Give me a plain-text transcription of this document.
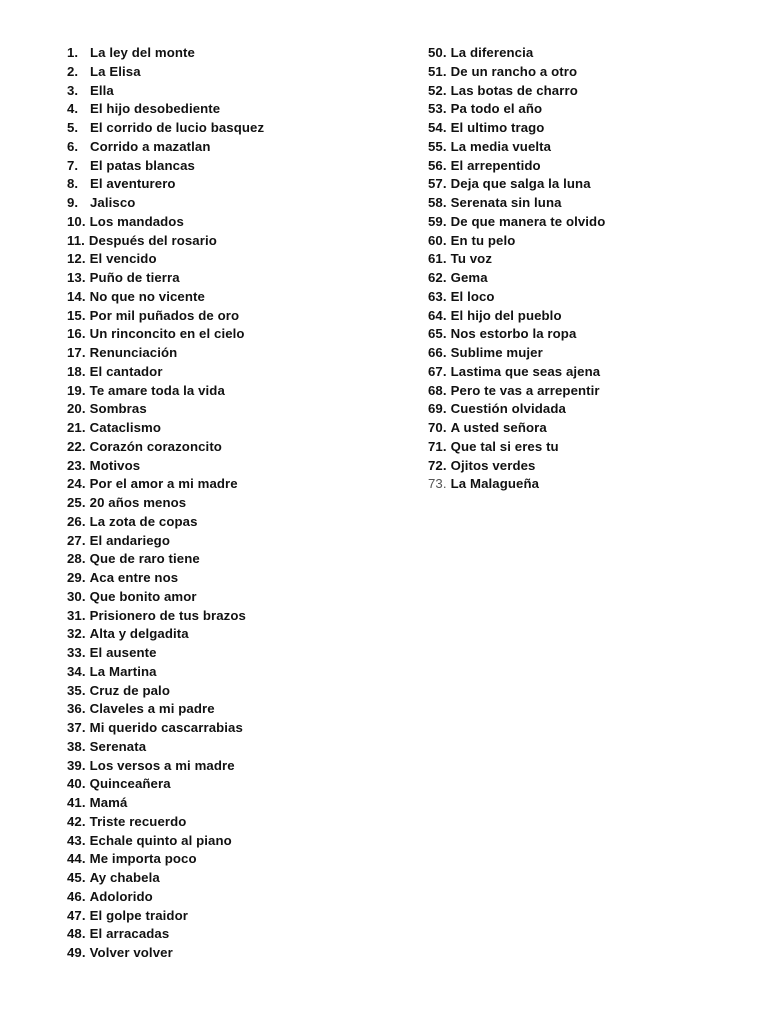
1. La ley del monte
2. La Elisa
3. Ella
4. El hijo desobediente
5. El corrido de lucio basquez
6. Corrido a mazatlan
7. El patas blancas
8. El aventurero
9. Jalisco
10. Los mandados
11. Después del rosario
12. El vencido
13. Puño de tierra
14. No que no vicente
15. Por mil puñados de oro
16. Un rinconcito en el cielo
17. Renunciación
18. El cantador
19. Te amare toda la vida
20. Sombras
21. Cataclismo
22. Corazón corazoncito
23. Motivos
24. Por el amor a mi madre
25. 20 años menos
26. La zota de copas
27. El andariego
28. Que de raro tiene
29. Aca entre nos
30. Que bonito amor
31. Prisionero de tus brazos
32. Alta y delgadita
33. El ausente
34. La Martina
35. Cruz de palo
36. Claveles a mi padre
37. Mi querido cascarrabias
38. Serenata
39. Los versos a mi madre
40. Quinceañera
41. Mamá
42. Triste recuerdo
43. Echale quinto al piano
44. Me importa poco
45. Ay chabela
46. Adolorido
47. El golpe traidor
48. El arracadas
49. Volver volver
50. La diferencia
51. De un rancho a otro
52. Las botas de charro
53. Pa todo el año
54. El ultimo trago
55. La media vuelta
56. El arrepentido
57. Deja que salga la luna
58. Serenata sin luna
59. De que manera te olvido
60. En tu pelo
61. Tu voz
62. Gema
63. El loco
64. El hijo del pueblo
65. Nos estorbo la ropa
66. Sublime mujer
67. Lastima que seas ajena
68. Pero te vas a arrepentir
69. Cuestión olvidada
70. A usted señora
71. Que tal si eres tu
72. Ojitos verdes
73. La Malagueña
